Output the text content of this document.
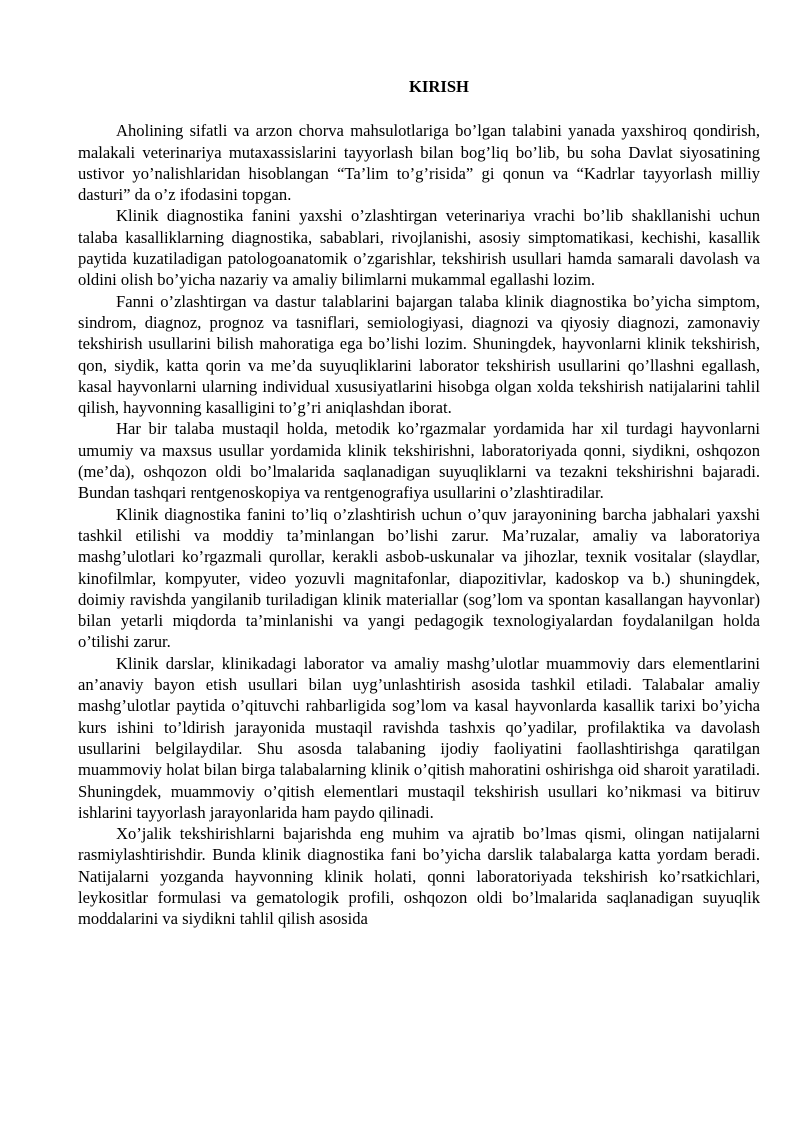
KIRISH

Aholining sifatli va arzon chorva mahsulotlariga bo’lgan talabini yanada yaxshiroq qondirish, malakali veterinariya mutaxassislarini tayyorlash bilan bog’liq bo’lib, bu soha Davlat siyosatining ustivor yo’nalishlaridan hisoblangan “Ta’lim to’g’risida” gi qonun va “Kadrlar tayyorlash milliy dasturi” da o’z ifodasini topgan.

Klinik diagnostika fanini yaxshi o’zlashtirgan veterinariya vrachi bo’lib shakllanishi uchun talaba kasalliklarning diagnostika, sabablari, rivojlanishi, asosiy simptomatikasi, kechishi, kasallik paytida kuzatiladigan patologoanatomik o’zgarishlar, tekshirish usullari hamda samarali davolash va oldini olish bo’yicha nazariy va amaliy bilimlarni mukammal egallashi lozim.

Fanni o’zlashtirgan va dastur talablarini bajargan talaba klinik diagnostika bo’yicha simptom, sindrom, diagnoz, prognoz va tasniflari, semiologiyasi, diagnozi va qiyosiy diagnozi, zamonaviy tekshirish usullarini bilish mahoratiga ega bo’lishi lozim. Shuningdek, hayvonlarni klinik tekshirish, qon, siydik, katta qorin va me’da suyuqliklarini laborator tekshirish usullarini qo’llashni egallash, kasal hayvonlarni ularning individual xususiyatlarini hisobga olgan xolda tekshirish natijalarini tahlil qilish, hayvonning kasalligini to’g’ri aniqlashdan iborat.

Har bir talaba mustaqil holda, metodik ko’rgazmalar yordamida har xil turdagi hayvonlarni umumiy va maxsus usullar yordamida klinik tekshirishni, laboratoriyada qonni, siydikni, oshqozon (me’da), oshqozon oldi bo’lmalarida saqlanadigan suyuqliklarni va tezakni tekshirishni bajaradi. Bundan tashqari rentgenoskopiya va rentgenografiya usullarini o’zlashtiradilar.

Klinik diagnostika fanini to’liq o’zlashtirish uchun o’quv jarayonining barcha jabhalari yaxshi tashkil etilishi va moddiy ta’minlangan bo’lishi zarur. Ma’ruzalar, amaliy va laboratoriya mashg’ulotlari ko’rgazmali qurollar, kerakli asbob-uskunalar va jihozlar, texnik vositalar (slaydlar, kinofilmlar, kompyuter, video yozuvli magnitafonlar, diapozitivlar, kadoskop va b.) shuningdek, doimiy ravishda yangilanib turiladigan klinik materiallar (sog’lom va spontan kasallangan hayvonlar) bilan yetarli miqdorda ta’minlanishi va yangi pedagogik texnologiyalardan foydalanilgan holda o’tilishi zarur.

Klinik darslar, klinikadagi laborator va amaliy mashg’ulotlar muammoviy dars elementlarini an’anaviy bayon etish usullari bilan uyg’unlashtirish asosida tashkil etiladi. Talabalar amaliy mashg’ulotlar paytida o’qituvchi rahbarligida sog’lom va kasal hayvonlarda kasallik tarixi bo’yicha kurs ishini to’ldirish jarayonida mustaqil ravishda tashxis qo’yadilar, profilaktika va davolash usullarini belgilaydilar. Shu asosda talabaning ijodiy faoliyatini faollashtirishga qaratilgan muammoviy holat bilan birga talabalarning klinik o’qitish mahoratini oshirishga oid sharoit yaratiladi. Shuningdek, muammoviy o’qitish elementlari mustaqil tekshirish usullari ko’nikmasi va bitiruv ishlarini tayyorlash jarayonlarida ham paydo qilinadi.

Xo’jalik tekshirishlarni bajarishda eng muhim va ajratib bo’lmas qismi, olingan natijalarni rasmiylashtirishdir. Bunda klinik diagnostika fani bo’yicha darslik talabalarga katta yordam beradi. Natijalarni yozganda hayvonning klinik holati, qonni laboratoriyada tekshirish ko’rsatkichlari, leykositlar formulasi va gematologik profili, oshqozon oldi bo’lmalarida saqlanadigan suyuqlik moddalarini va siydikni tahlil qilish asosida
